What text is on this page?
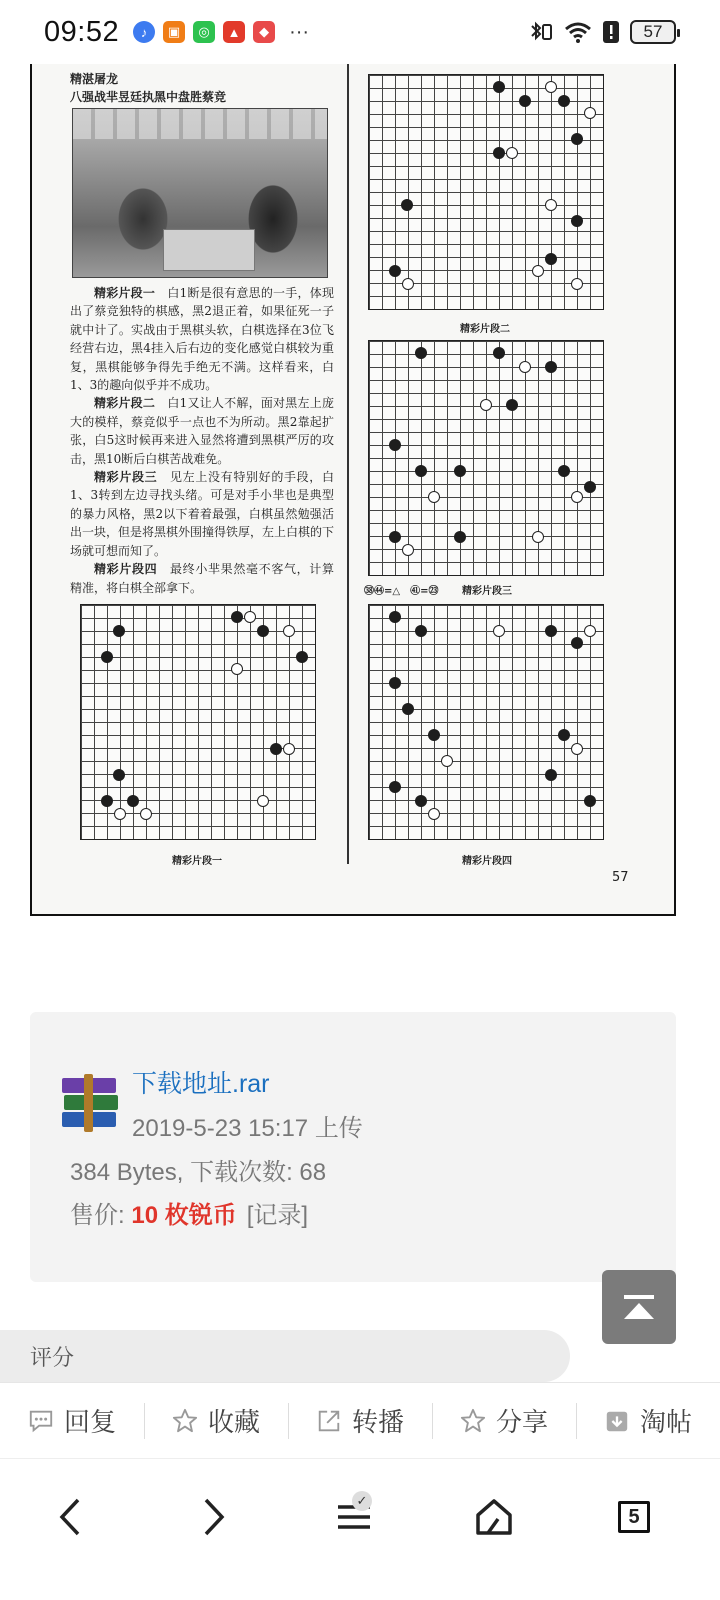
09:52	♪	▣	◎	▲	◆	···	57
精湛屠龙
八强战芈昱廷执黑中盘胜蔡竞

精彩片段一　 白1断是很有意思的一手，体现出了蔡竞独特的棋感，黑2退正着，如果征死一子就中计了。实战由于黑棋头软，白棋选择在3位飞经营右边，黑4挂入后右边的变化感觉白棋较为重复，黑棋能够争得先手绝无不满。这样看来，白1、3的趣向似乎并不成功。

精彩片段二　 白1又让人不解，面对黑左上庞大的模样，蔡竞似乎一点也不为所动。黑2靠起扩张，白5这时候再来进入显然将遭到黑棋严厉的攻击，黑10断后白棋苦战难免。

精彩片段三　 见左上没有特别好的手段，白1、3转到左边寻找头绪。可是对手小芈也是典型的暴力风格，黑2以下着着最强，白棋虽然勉强活出一块，但是将黑棋外围撞得铁厚，左上白棋的下场就可想而知了。

精彩片段四　 最终小芈果然毫不客气，计算精准，将白棋全部拿下。

精彩片段一
精彩片段二
㊳㊹=△　㊶=㉓ 精彩片段三
精彩片段四
57
下载地址.rar
2019-5-23 15:17 上传
384 Bytes, 下载次数: 68
售价: 10 枚锐币 [记录]
评分
回复	收藏	转播	分享	淘帖
✓
5
